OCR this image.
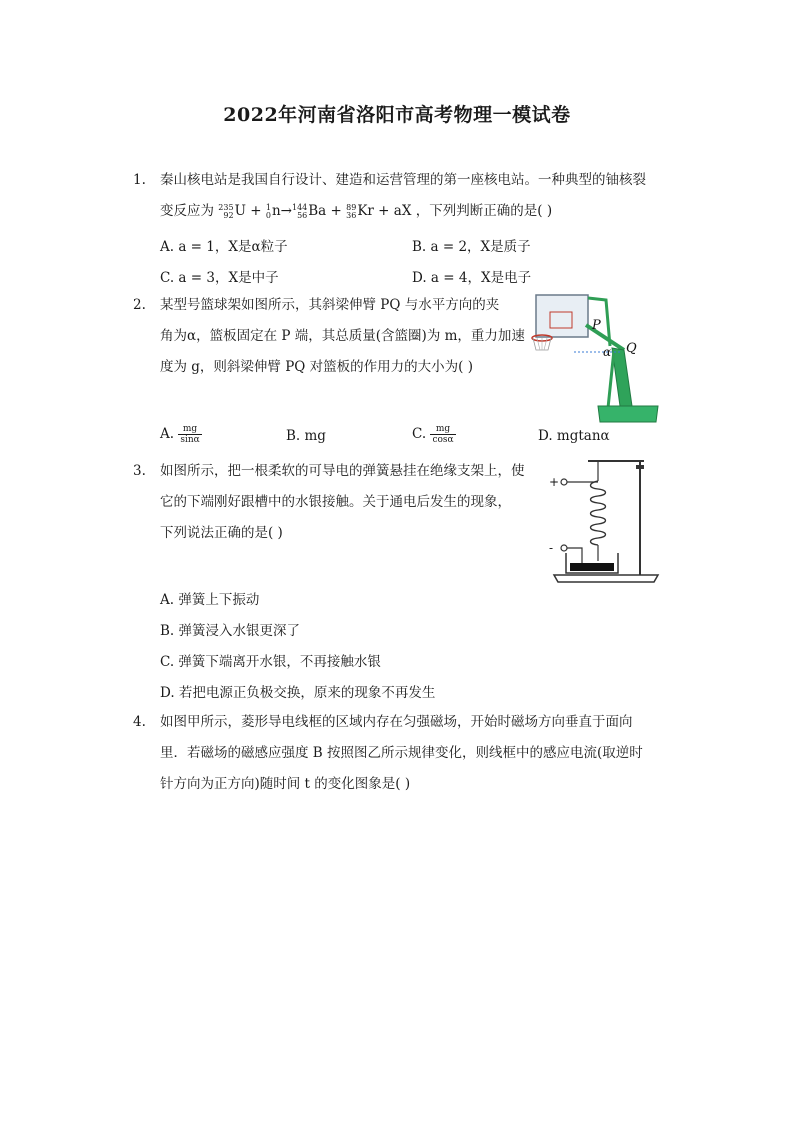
2022年河南省洛阳市高考物理一模试卷
1.	秦山核电站是我国自行设计、建造和运营管理的第一座核电站。一种典型的铀核裂
变反应为 235
92 U + 1
0 n→ 144
56 Ba + 89
36 Kr + aX ，下列判断正确的是( )
A. a = 1，X是α粒子	B. a = 2，X是质子
C. a = 3，X是中子	D. a = 4，X是电子
2.	某型号篮球架如图所示，其斜梁伸臂 PQ 与水平方向的夹
角为α，篮板固定在 P 端，其总质量(含篮圈)为 m，重力加速
度为 g，则斜梁伸臂 PQ 对篮板的作用力的大小为( )
P
Q
α
A. $\frac{mg}{\sin\alpha}$	B. mg	C. $\frac{mg}{\cos\alpha}$	D. mgtanα
3.	如图所示，把一根柔软的可导电的弹簧悬挂在绝缘支架上，使
它的下端刚好跟槽中的水银接触。关于通电后发生的现象，
下列说法正确的是( )
+
-
A. 弹簧上下振动
B. 弹簧浸入水银更深了
C. 弹簧下端离开水银，不再接触水银
D. 若把电源正负极交换，原来的现象不再发生
4.	如图甲所示，菱形导电线框的区域内存在匀强磁场，开始时磁场方向垂直于面向
里．若磁场的磁感应强度 B 按照图乙所示规律变化，则线框中的感应电流(取逆时
针方向为正方向)随时间 t 的变化图象是( )
